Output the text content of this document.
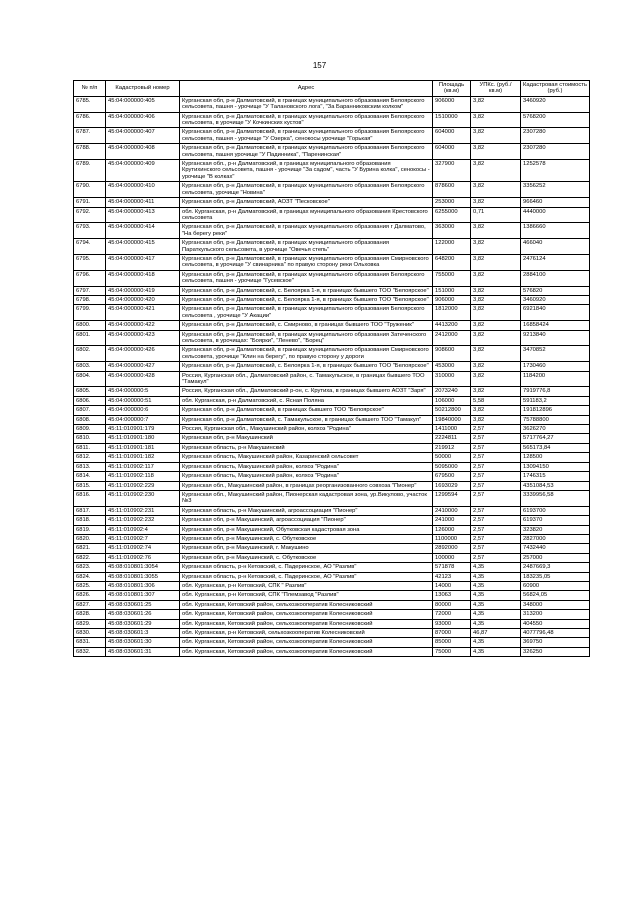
157
№ п/п	Кадастровый номер	Адрес	Площадь (кв.м)	УПКс. (руб./кв.м)	Кадастровая стоимость (руб.)
6785.	45:04:000000:405	Курганская обл, р-н Далматовский, в границах муниципального образования Белоярского сельсовета, пашня - урочище "У Талановского лога", "За Баранниковским колком"	906000	3,82	3460920
6786.	45:04:000000:406	Курганская обл, р-н Далматовский, в границах муниципального образования Белоярского сельсовета, в урочище "У Кочкинских кустов"	1510000	3,82	5768200
6787.	45:04:000000:407	Курганская обл, р-н Далматовский, в границах муниципального образования Белоярского сельсовета, пашня - урочище "У Озерка", сенокосы урочище "Горькая"	604000	3,82	2307280
6788.	45:04:000000:408	Курганская обл, р-н Далматовский, в границах муниципального образования Белоярского сельсовета, пашня урочище "У Падинника", "Паренинская"	604000	3,82	2307280
6789.	45:04:000000:409	Курганская обл., р-н Далматовский, в границах муниципального образования Крутихинского сельсовета, пашня - урочище "За садом", часть "У Бурина колка", сенокосы - урочище "В колках"	327900	3,82	1252578
6790.	45:04:000000:410	Курганская обл, р-н Далматовский, в границах муниципального образования Белоярского сельсовета, урочище "Новина"	878600	3,82	3356252
6791.	45:04:000000:411	Курганская обл, р-н Далматовский, АОЗТ "Песковское"	253000	3,82	966460
6792.	45:04:000000:413	обл. Курганская, р-н Далматовский, в границах муниципального образования Крестовского сельсовета	6255000	0,71	4440000
6793.	45:04:000000:414	Курганская обл, р-н Далматовский, в границах муниципального образования г Далматово, "На берегу реки"	363000	3,82	1386660
6794.	45:04:000000:415	Курганская обл, р-н Далматовский, в границах муниципального образования Параткульского сельсовета, в урочище "Овечья степь"	122000	3,82	466040
6795.	45:04:000000:417	Курганская обл, р-н Далматовский, в границах муниципального образования Смирновского сельсовета, в урочище "У свинарника" по правую сторону реки Ольховка	648200	3,82	2476124
6796.	45:04:000000:418	Курганская обл, р-н Далматовский, в границах муниципального образования Белоярского сельсовета, пашня - урочище "Гусевское"	755000	3,82	2884100
6797.	45:04:000000:419	Курганская обл, р-н Далматовский, с. Белоярка 1-я, в границах бывшего ТОО "Белоярское"	151000	3,82	576820
6798.	45:04:000000:420	Курганская обл, р-н Далматовский, с. Белоярка 1-я, в границах бывшего ТОО "Белоярское"	906000	3,82	3460920
6799.	45:04:000000:421	Курганская обл, р-н Далматовский, в границах муниципального образования Белоярского сельсовета , урочище "У Акации"	1812000	3,82	6921840
6800.	45:04:000000:422	Курганская обл, р-н Далматовский, с. Смирново, в границах бывшего ТОО "Труженик"	4413200	3,82	16858424
6801.	45:04:000000:423	Курганская обл, р-н Далматовский, в границах муниципального образования Затеченского сельсовета, в урочищах: "Боярки", "Ленево", "Борец"	2412000	3,82	9213840
6802.	45:04:000000:426	Курганская обл, р-н Далматовский, в границах муниципального образования Смирновского сельсовета, урочище "Клин на берегу", по правую сторону у дороги	908600	3,82	3470852
6803.	45:04:000000:427	Курганская обл, р-н Далматовский, с. Белоярка 1-я, в границах бывшего ТОО "Белоярское"	453000	3,82	1730460
6804.	45:04:000000:428	Россия, Курганская обл., Далматовский район, с. Тамакульское, в границах бывшего ТОО "Тамакул"	310000	3,82	1184200
6805.	45:04:000000:5	Россия, Курганская обл., Далматовский р-он, с. Крутиха, в границах бывшего АОЗТ "Заря"	2073240	3,82	7919776,8
6806.	45:04:000000:51	обл. Курганская, р-н Далматовский, с. Ясная Поляна	106000	5,58	591183,2
6807.	45:04:000000:6	Курганская обл, р-н Далматовский, в границах бывшего ТОО "Белоярское"	50212800	3,82	191812896
6808.	45:04:000000:7	Курганская обл, р-н Далматовский, с. Тамакульское, в границах бывшего ТОО "Тамакул"	19840000	3,82	75788800
6809.	45:11:010901:179	Россия, Курганская обл., Макушинский район, колхоз "Родина"	1411000	2,57	3626270
6810.	45:11:010901:180	Курганская обл, р-н Макушинский	2224811	2,57	5717764,27
6811.	45:11:010901:181	Курганская область, р-н Макушинский	219912	2,57	565173,84
6812.	45:11:010901:182	Курганская область, Макушинский район, Казаринский сельсовет	50000	2,57	128500
6813.	45:11:010902:117	Курганская область, Макушинский район, колхоз "Родина"	5095000	2,57	13094150
6814.	45:11:010902:118	Курганская область, Макушинский район, колхоз "Родина"	679500	2,57	1746315
6815.	45:11:010902:229	Курганская обл., Макушинский район, в границах реорганизованного совхоза "Пионер"	1693029	2,57	4351084,53
6816.	45:11:010902:230	Курганская обл., Макушинский район, Пионерская кадастровая зона, ур.Викулово, участок №3	1299594	2,57	3339956,58
6817.	45:11:010902:231	Курганская область, р-н Макушинский, агроассоциация "Пионер"	2410000	2,57	6193700
6818.	45:11:010902:232	Курганская обл, р-н Макушинский, агроассоциация "Пионер"	241000	2,57	619370
6819.	45:11:010902:4	Курганская обл, р-н Макушинский, Обутковская кадастровая зона	126000	2,57	323820
6820.	45:11:010902:7	Курганская обл, р-н Макушинский, с. Обутковское	1100000	2,57	2827000
6821.	45:11:010902:74	Курганская обл, р-н Макушинский, г. Макушино	2892000	2,57	7432440
6822.	45:11:010902:76	Курганская обл, р-н Макушинский, с. Обутковское	100000	2,57	257000
6823.	45:08:010801:3054	Курганская область, р-н Кетовский, с. Падеринское, АО "Разлив"	571878	4,35	2487669,3
6824.	45:08:010801:3055	Курганская область, р-н Кетовский, с. Падеринское, АО "Разлив"	42123	4,35	183235,05
6825.	45:08:010801:306	обл. Курганская, р-н Кетовский, СПК " Разлив"	14000	4,35	60900
6826.	45:08:010801:307	обл. Курганская, р-н Кетовский, СПК "Племзавод "Разлив"	13063	4,35	56824,05
6827.	45:08:030601:25	обл. Курганская, Кетовский район, сельхозкооператив Колесниковский	80000	4,35	348000
6828.	45:08:030601:26	обл. Курганская, Кетовский район, сельхозкооператив Колесниковский	72000	4,35	313200
6829.	45:08:030601:29	обл. Курганская, Кетовский район, сельхозкооператив Колесниковский	93000	4,35	404550
6830.	45:08:030601:3	обл. Курганская, р-н Кетовский, сельхозкооператив Колесниковский	87000	46,87	4077796,48
6831.	45:08:030601:30	обл. Курганская, Кетовский район, сельхозкооператив Колесниковский	85000	4,35	369750
6832.	45:08:030601:31	обл. Курганская, Кетовский район, сельхозкооператив Колесниковский	75000	4,35	326250
